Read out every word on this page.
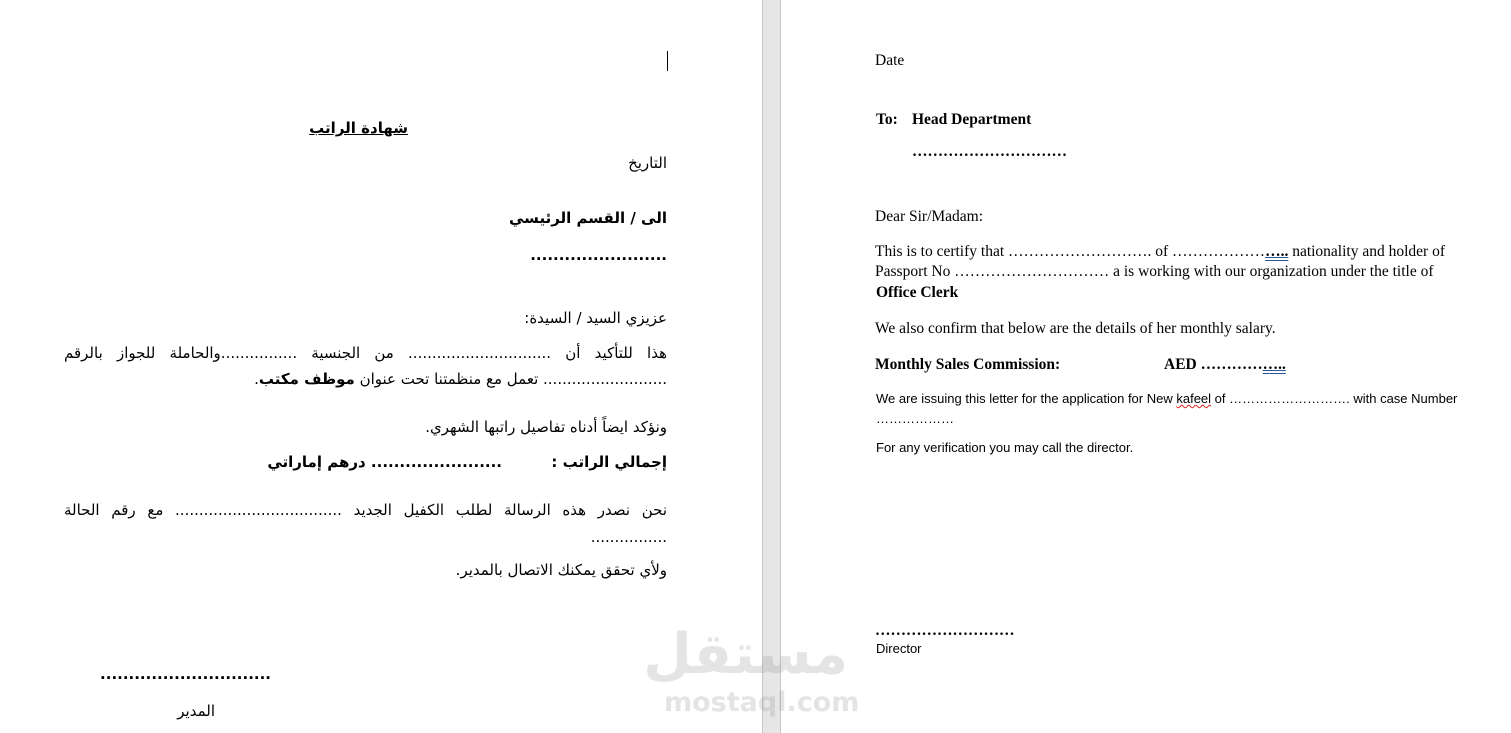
شهادة الراتب
التاريخ
الى / القسم الرئيسي
........................
عزيزي السيد / السيدة:
هذا للتأكيد أن .............................. من الجنسية ................والحاملة للجواز بالرقم
.......................... تعمل مع منظمتنا تحت عنوان موظف مكتب.
ونؤكد ايضاً أدناه تفاصيل راتبها الشهري.
إجمالي الراتب :
....................... درهم إماراتي
نحن نصدر هذه الرسالة لطلب الكفيل الجديد ................................... مع رقم الحالة
................
ولأي تحقق يمكنك الاتصال بالمدير.
..............................
المدير
Date
To: Head Department
…………………………
Dear Sir/Madam:
This is to certify that ………………………. of ………………….. nationality and holder of
Passport No ………………………… a is working with our organization under the title of
Office Clerk
We also confirm that below are the details of her monthly salary.
Monthly Sales Commission:	AED ……………..
We are issuing this letter for the application for New kafeel of ………………………. with case Number
………………
For any verification you may call the director.
………………………
Director
مستقل
mostaql.com
